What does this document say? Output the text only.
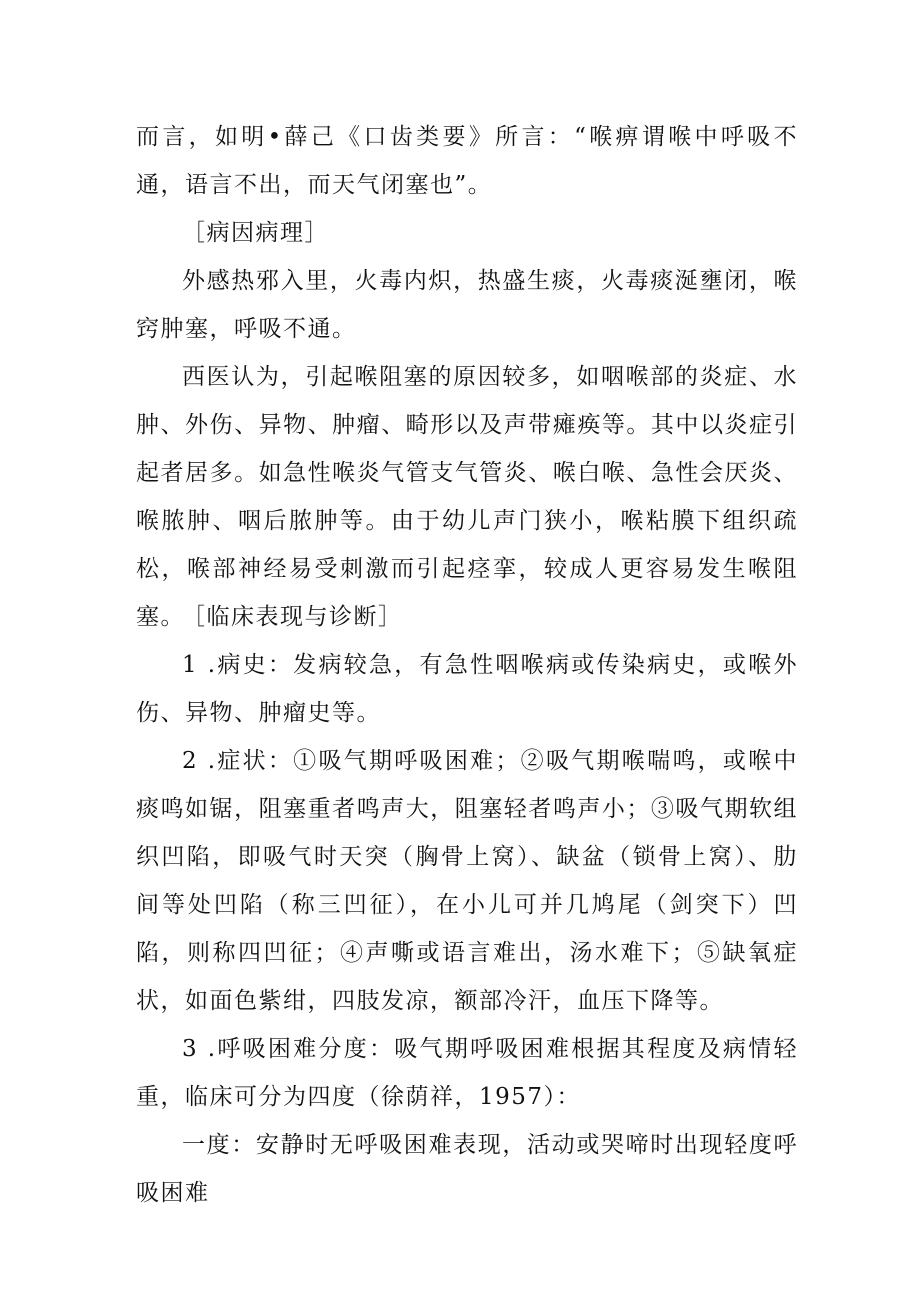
而言，如明•薛己《口齿类要》所言：“喉痹谓喉中呼吸不通，语言不出，而天气闭塞也”。

［病因病理］

外感热邪入里，火毒内炽，热盛生痰，火毒痰涎壅闭，喉窍肿塞，呼吸不通。

西医认为，引起喉阻塞的原因较多，如咽喉部的炎症、水肿、外伤、异物、肿瘤、畸形以及声带瘫痪等。其中以炎症引起者居多。如急性喉炎气管支气管炎、喉白喉、急性会厌炎、喉脓肿、咽后脓肿等。由于幼儿声门狭小，喉粘膜下组织疏松，喉部神经易受刺激而引起痉挛，较成人更容易发生喉阻塞。

［临床表现与诊断］

1 .病史：发病较急，有急性咽喉病或传染病史，或喉外伤、异物、肿瘤史等。

2 .症状：①吸气期呼吸困难；②吸气期喉喘鸣，或喉中痰鸣如锯，阻塞重者鸣声大，阻塞轻者鸣声小；③吸气期软组织凹陷，即吸气时天突（胸骨上窝）、缺盆（锁骨上窝）、肋间等处凹陷（称三凹征），在小儿可并几鸠尾（剑突下）凹陷，则称四凹征；④声嘶或语言难出，汤水难下；⑤缺氧症状，如面色紫绀，四肢发凉，额部冷汗，血压下降等。

3 .呼吸困难分度：吸气期呼吸困难根据其程度及病情轻重，临床可分为四度（徐荫祥，1957）：

一度：安静时无呼吸困难表现，活动或哭啼时出现轻度呼吸困难
